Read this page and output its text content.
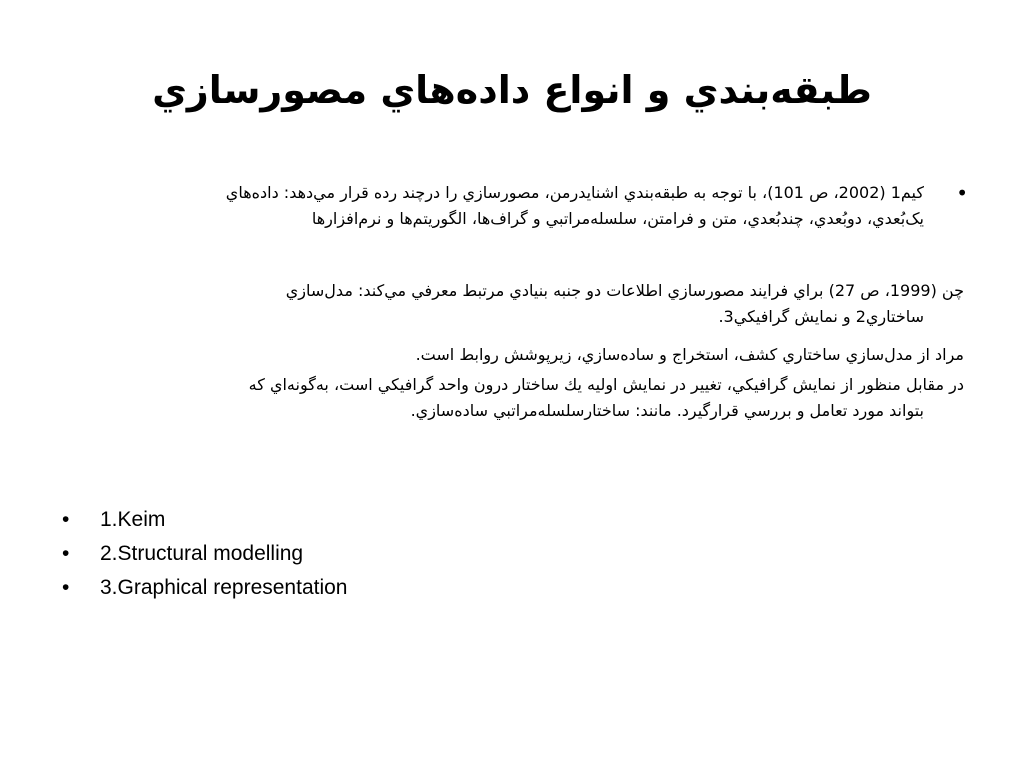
طبقه‌بندي و انواع داده‌هاي مصورسازي
•

كيم1 (2002، ص 101)، با توجه به طبقه‌بندي اشنايدرمن، مصورسازي را درچند رده قرار مي‌دهد: داده‌هاي

يک‌بُعدي، دوبُعدي، چندبُعدي، متن و فرامتن، سلسله‌مراتبي و گراف‌ها، الگوريتم‌ها و نرم‌افزارها

چن (1999، ص 27) براي فرايند مصورسازي اطلاعات دو جنبه بنيادي مرتبط معرفي مي‌كند: مدل‌سازي

ساختاري2 و نمايش گرافيكي3.

مراد از مدل‌سازي ساختاري كشف، استخراج و ساده‌سازي، زيرپوشش روابط است.

در مقابل منظور از نمايش گرافيكي، تغيير در نمايش اوليه يك ساختار درون واحد گرافيكي است، به‌گونه‌اي كه

بتواند مورد تعامل و بررسي قرارگيرد. مانند: ساختارسلسله‌مراتبي ساده‌سازي.

• 1.Keim
• 2.Structural modelling
• 3.Graphical representation
